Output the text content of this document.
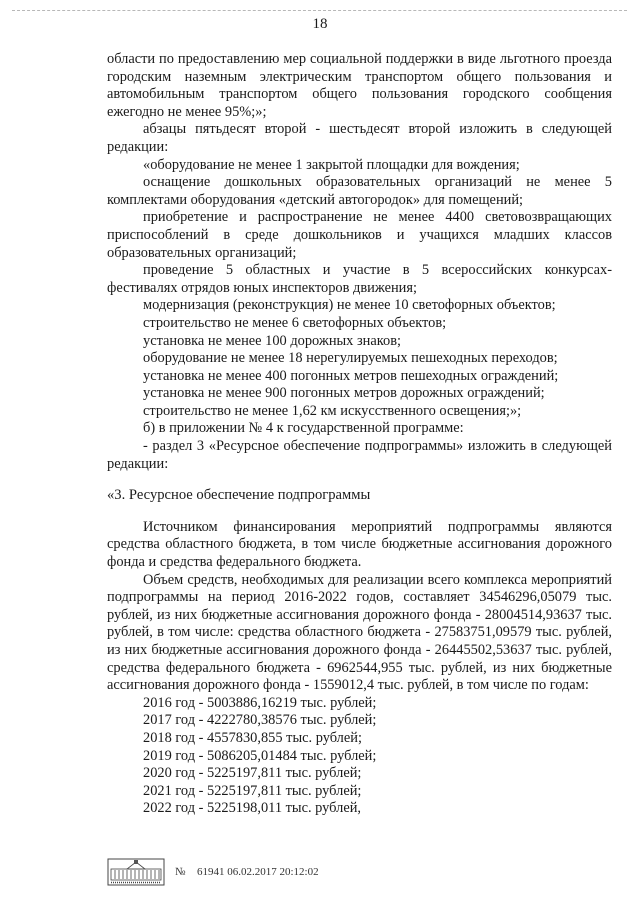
18

области по предоставлению мер социальной поддержки в виде льготного проезда городским наземным электрическим транспортом общего пользования и автомобильным транспортом общего пользования городского сообщения ежегодно не менее 95%;»;

абзацы пятьдесят второй - шестьдесят второй изложить в следующей редакции:

«оборудование не менее 1 закрытой площадки для вождения;

оснащение дошкольных образовательных организаций не менее 5 комплектами оборудования «детский автогородок» для помещений;

приобретение и распространение не менее 4400 световозвращающих приспособлений в среде дошкольников и учащихся младших классов образовательных организаций;

проведение 5 областных и участие в 5 всероссийских конкурсах-фестивалях отрядов юных инспекторов движения;

модернизация (реконструкция) не менее 10 светофорных объектов;

строительство не менее 6 светофорных объектов;

установка не менее 100 дорожных знаков;

оборудование не менее 18 нерегулируемых пешеходных переходов;

установка не менее 400 погонных метров пешеходных ограждений;

установка не менее 900 погонных метров дорожных ограждений;

строительство не менее 1,62 км искусственного освещения;»;

б) в приложении № 4 к государственной программе:

- раздел 3 «Ресурсное обеспечение подпрограммы» изложить в следующей редакции:

«3. Ресурсное обеспечение подпрограммы

Источником финансирования мероприятий подпрограммы являются средства областного бюджета, в том числе бюджетные ассигнования дорожного фонда и средства федерального бюджета.

Объем средств, необходимых для реализации всего комплекса мероприятий подпрограммы на период 2016-2022 годов, составляет 34546296,05079 тыс. рублей, из них бюджетные ассигнования дорожного фонда - 28004514,93637 тыс. рублей, в том числе: средства областного бюджета - 27583751,09579 тыс. рублей, из них бюджетные ассигнования дорожного фонда - 26445502,53637 тыс. рублей, средства федерального бюджета - 6962544,955 тыс. рублей, из них бюджетные ассигнования дорожного фонда - 1559012,4 тыс. рублей, в том числе по годам:

2016 год - 5003886,16219 тыс. рублей;

2017 год - 4222780,38576 тыс. рублей;

2018 год - 4557830,855 тыс. рублей;

2019 год - 5086205,01484 тыс. рублей;

2020 год - 5225197,811 тыс. рублей;

2021 год - 5225197,811 тыс. рублей;

2022 год - 5225198,011 тыс. рублей,

№ 61941 06.02.2017 20:12:02
